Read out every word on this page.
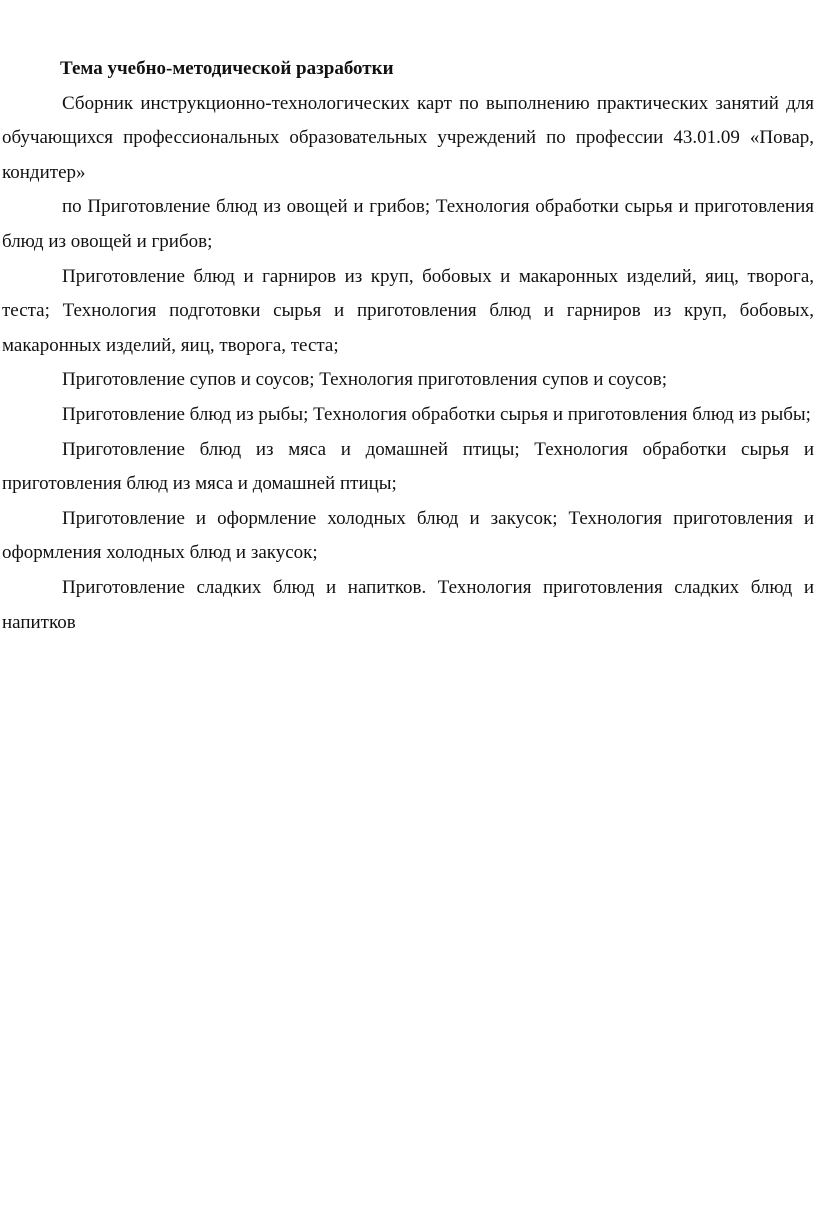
Тема учебно-методической разработки

Сборник инструкционно-технологических карт по выполнению практических занятий для обучающихся профессиональных образовательных учреждений по профессии 43.01.09 «Повар, кондитер»

по Приготовление блюд из овощей и грибов; Технология обработки сырья и приготовления блюд из овощей и грибов;

Приготовление блюд и гарниров из круп, бобовых и макаронных изделий, яиц, творога, теста; Технология подготовки сырья и приготовления блюд и гарниров из круп, бобовых, макаронных изделий, яиц, творога, теста;

Приготовление супов и соусов; Технология приготовления супов и соусов;

Приготовление блюд из рыбы; Технология обработки сырья и приготовления блюд из рыбы;

Приготовление блюд из мяса и домашней птицы; Технология обработки сырья и приготовления блюд из мяса и домашней птицы;

Приготовление и оформление холодных блюд и закусок; Технология приготовления и оформления холодных блюд и закусок;

Приготовление сладких блюд и напитков. Технология приготовления сладких блюд и напитков
